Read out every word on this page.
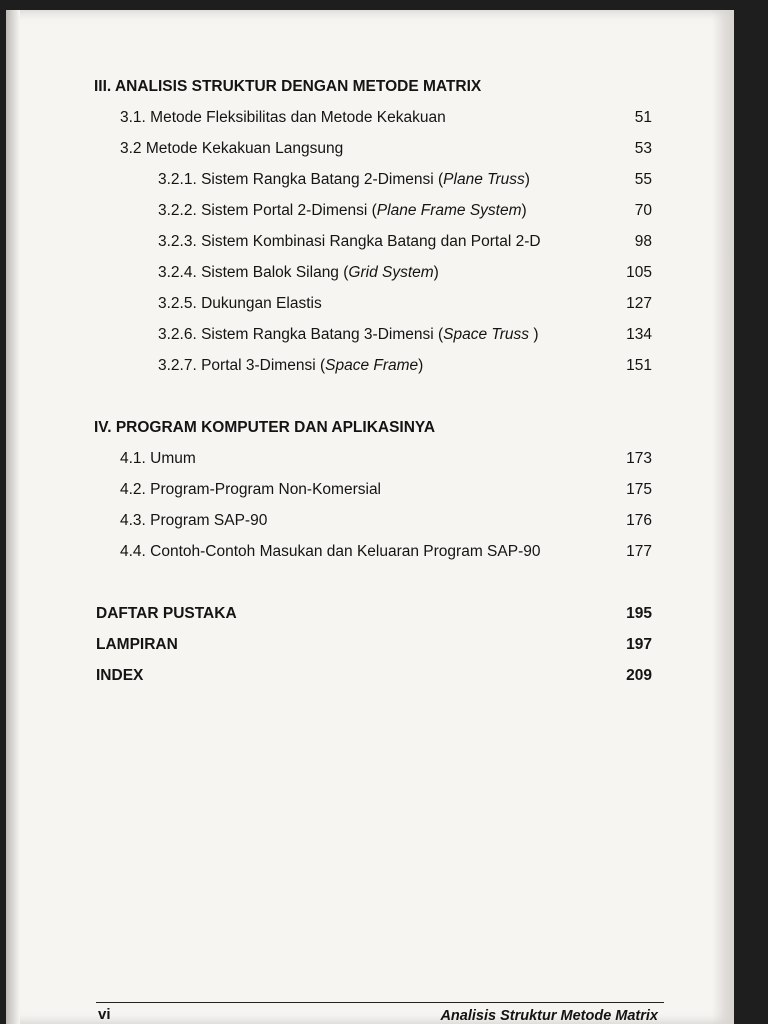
III. ANALISIS STRUKTUR DENGAN METODE MATRIX
3.1. Metode Fleksibilitas dan Metode Kekakuan	51
3.2 Metode Kekakuan Langsung	53
3.2.1. Sistem Rangka Batang 2-Dimensi (Plane Truss)	55
3.2.2. Sistem Portal 2-Dimensi (Plane Frame System)	70
3.2.3. Sistem Kombinasi Rangka Batang dan Portal 2-D	98
3.2.4. Sistem Balok Silang (Grid System)	105
3.2.5. Dukungan Elastis	127
3.2.6. Sistem Rangka Batang 3-Dimensi (Space Truss )	134
3.2.7. Portal 3-Dimensi (Space Frame)	151
IV. PROGRAM KOMPUTER DAN APLIKASINYA
4.1. Umum	173
4.2. Program-Program Non-Komersial	175
4.3. Program SAP-90	176
4.4. Contoh-Contoh Masukan dan Keluaran Program SAP-90	177
DAFTAR PUSTAKA	195
LAMPIRAN	197
INDEX	209
vi	Analisis Struktur Metode Matrix
